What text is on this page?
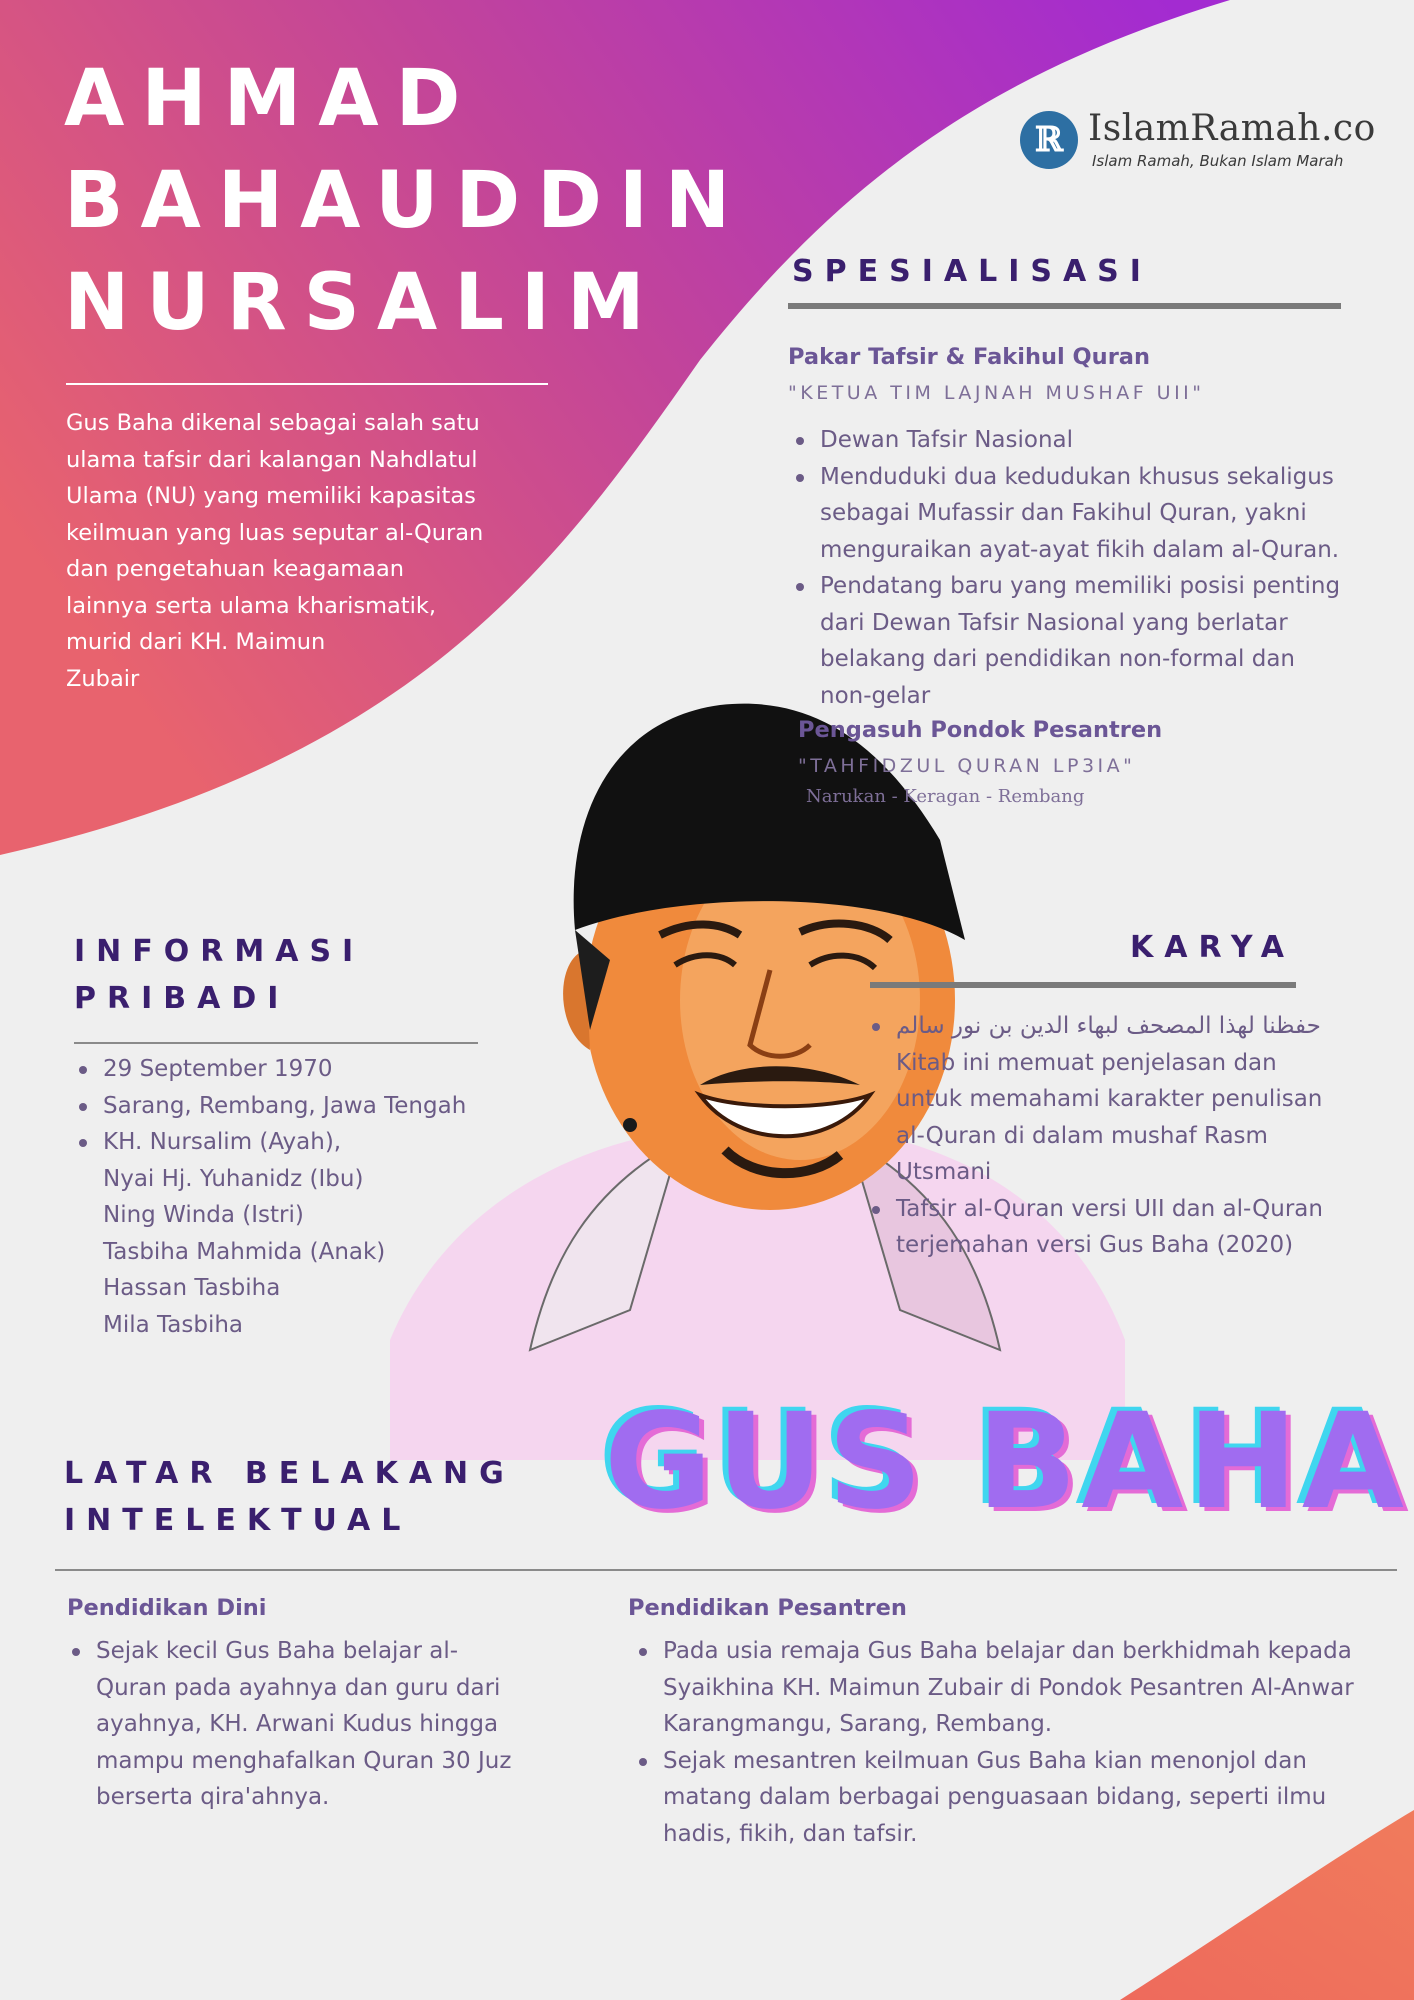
AHMAD
BAHAUDDIN
NURSALIM
Gus Baha dikenal sebagai salah satu
ulama tafsir dari kalangan Nahdlatul
Ulama (NU) yang memiliki kapasitas
keilmuan yang luas seputar al-Quran
dan pengetahuan keagamaan
lainnya serta ulama kharismatik,
murid dari KH. Maimun
Zubair
ℝ IslamRamah.co
Islam Ramah, Bukan Islam Marah
SPESIALISASI
Pakar Tafsir & Fakihul Quran
"KETUA TIM LAJNAH MUSHAF UII"
Dewan Tafsir Nasional
Menduduki dua kedudukan khusus sekaligus
sebagai Mufassir dan Fakihul Quran, yakni
menguraikan ayat-ayat fikih dalam al-Quran.
Pendatang baru yang memiliki posisi penting
dari Dewan Tafsir Nasional yang berlatar
belakang dari pendidikan non-formal dan
non-gelar
Pengasuh Pondok Pesantren
"TAHFIDZUL QURAN LP3IA"
Narukan - Keragan - Rembang
INFORMASI
PRIBADI
29 September 1970
Sarang, Rembang, Jawa Tengah
KH. Nursalim (Ayah),
Nyai Hj. Yuhanidz (Ibu)
Ning Winda (Istri)
Tasbiha Mahmida (Anak)
Hassan Tasbiha
Mila Tasbiha
KARYA
حفظنا لهذا المصحف لبهاء الدين بن نور سالم
Kitab ini memuat penjelasan dan
untuk memahami karakter penulisan
al-Quran di dalam mushaf Rasm
Utsmani
Tafsir al-Quran versi UII dan al-Quran
terjemahan versi Gus Baha (2020)
GUS BAHA
LATAR BELAKANG
INTELEKTUAL
Pendidikan Dini
Sejak kecil Gus Baha belajar al-
Quran pada ayahnya dan guru dari
ayahnya, KH. Arwani Kudus hingga
mampu menghafalkan Quran 30 Juz
berserta qira'ahnya.
Pendidikan Pesantren
Pada usia remaja Gus Baha belajar dan berkhidmah kepada
Syaikhina KH. Maimun Zubair di Pondok Pesantren Al-Anwar
Karangmangu, Sarang, Rembang.
Sejak mesantren keilmuan Gus Baha kian menonjol dan
matang dalam berbagai penguasaan bidang, seperti ilmu
hadis, fikih, dan tafsir.
